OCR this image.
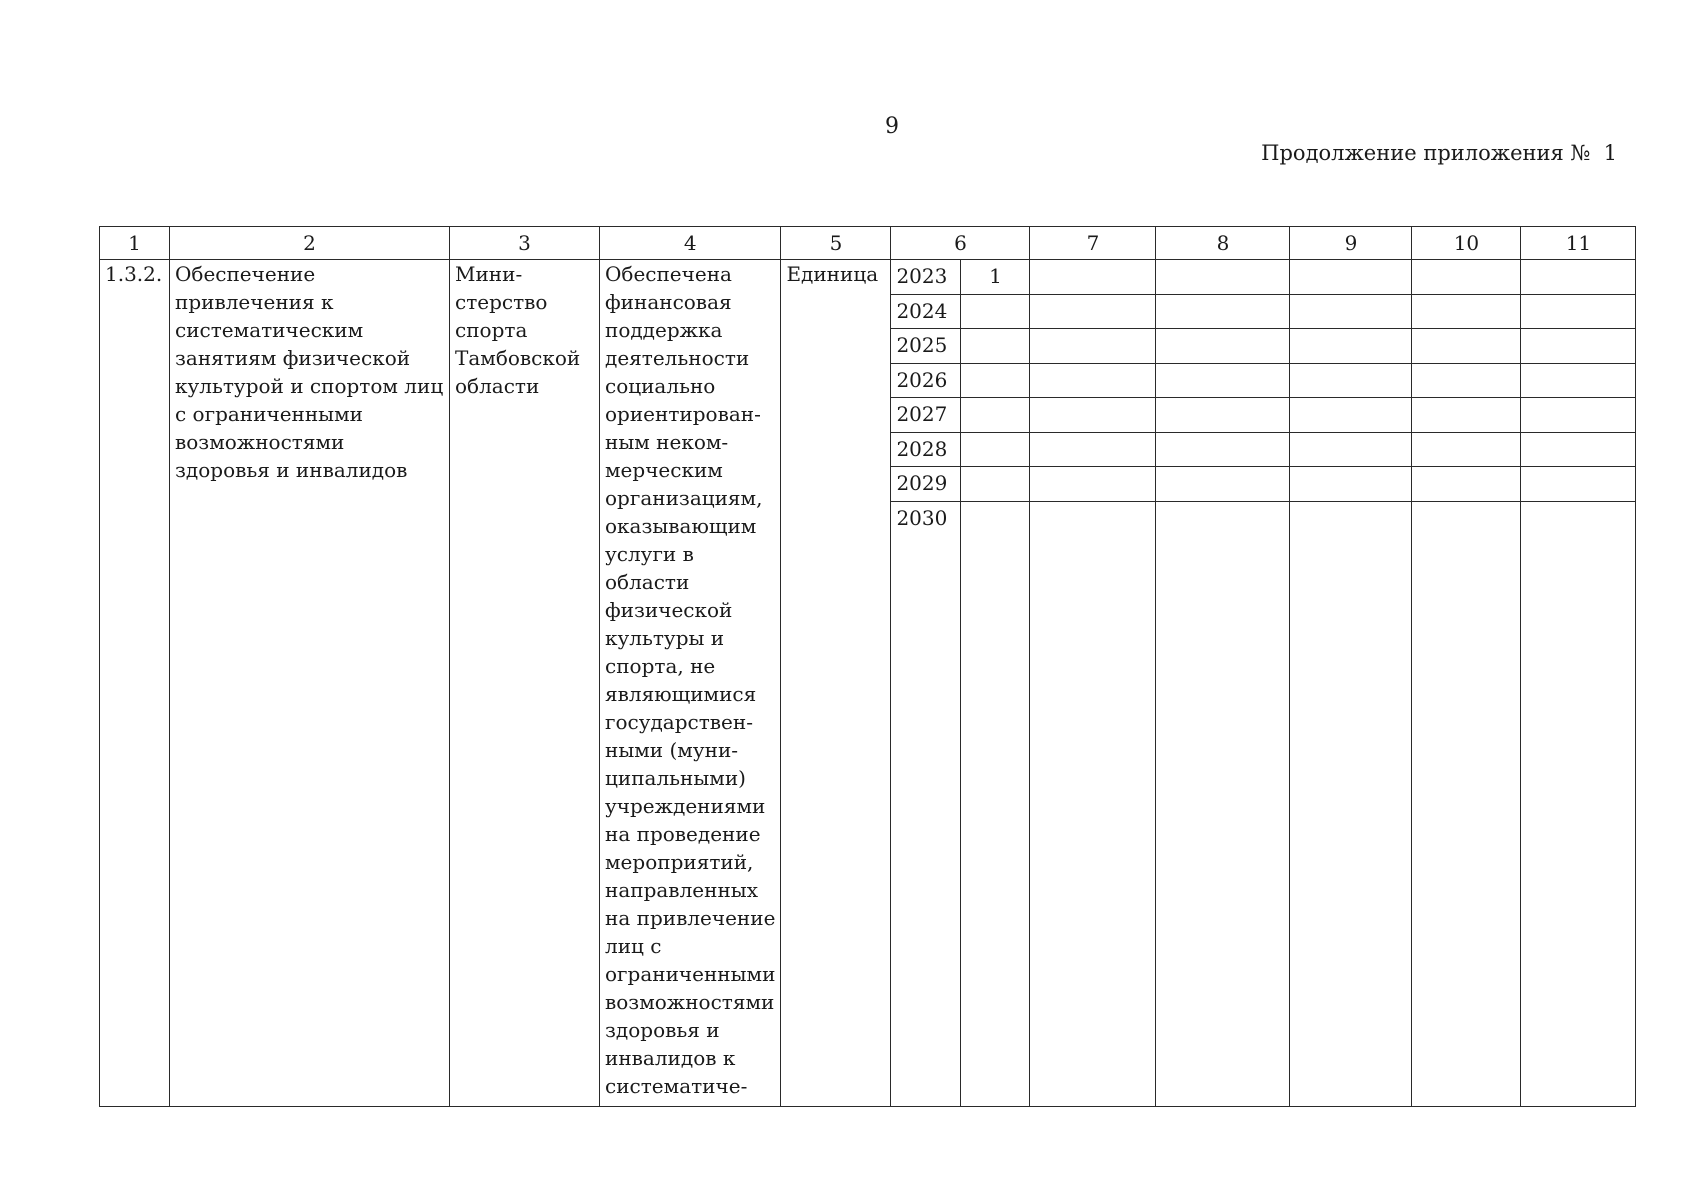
9
Продолжение приложения №  1
1	2	3	4	5	6		7	8	9	10	11
1.3.2.	Обеспечение привлечения к систематическим занятиям физической культурой и спортом лиц с ограниченными возможностями здоровья и инвалидов	Мини-стерство спорта Тамбовской области	Обеспечена финансовая поддержка деятельности социально ориентирован-ным неком-мерческим организациям, оказывающим услуги в области физической культуры и спорта, не являющимися государствен-ными (муни-ципальными) учреждениями на проведение мероприятий, направленных на привлечение лиц с ограниченными возможностями здоровья и инвалидов к систематиче-	Единица	2023	1					
					2024						
					2025						
					2026						
					2027						
					2028						
					2029						
					2030						
